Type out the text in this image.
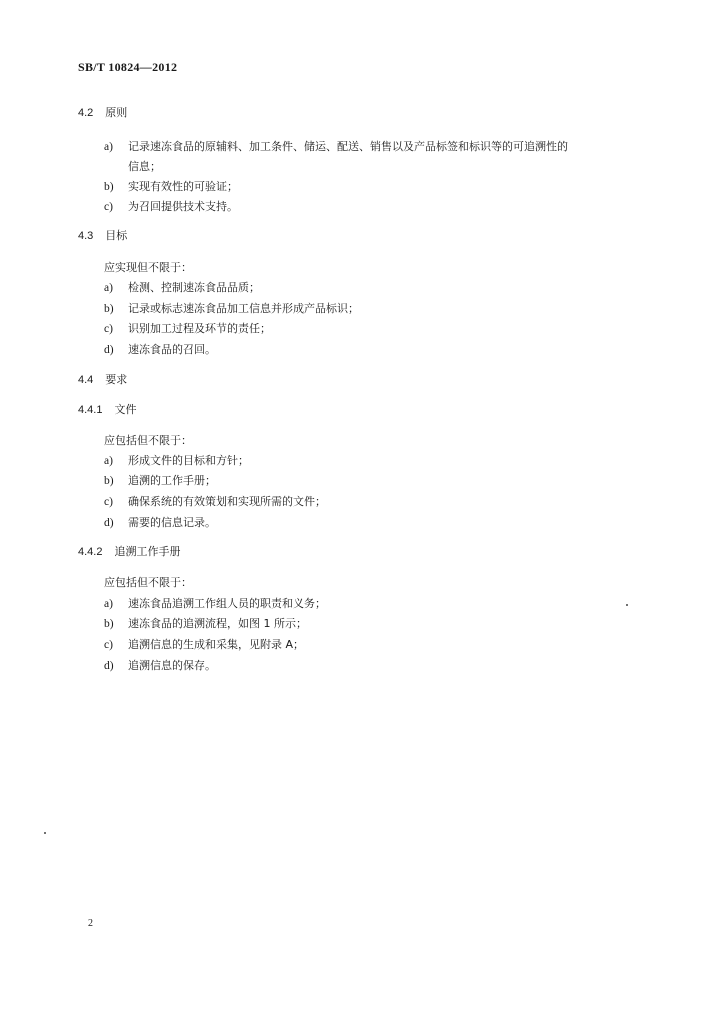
SB/T 10824—2012
4.2 原则
a) 记录速冻食品的原辅料、加工条件、储运、配送、销售以及产品标签和标识等的可追溯性的
信息；
b) 实现有效性的可验证；
c) 为召回提供技术支持。
4.3 目标
应实现但不限于：
a) 检测、控制速冻食品品质；
b) 记录或标志速冻食品加工信息并形成产品标识；
c) 识别加工过程及环节的责任；
d) 速冻食品的召回。
4.4 要求
4.4.1 文件
应包括但不限于：
a) 形成文件的目标和方针；
b) 追溯的工作手册；
c) 确保系统的有效策划和实现所需的文件；
d) 需要的信息记录。
4.4.2 追溯工作手册
应包括但不限于：
a) 速冻食品追溯工作组人员的职责和义务；
b) 速冻食品的追溯流程，如图 1 所示；
c) 追溯信息的生成和采集，见附录 A；
d) 追溯信息的保存。
2
